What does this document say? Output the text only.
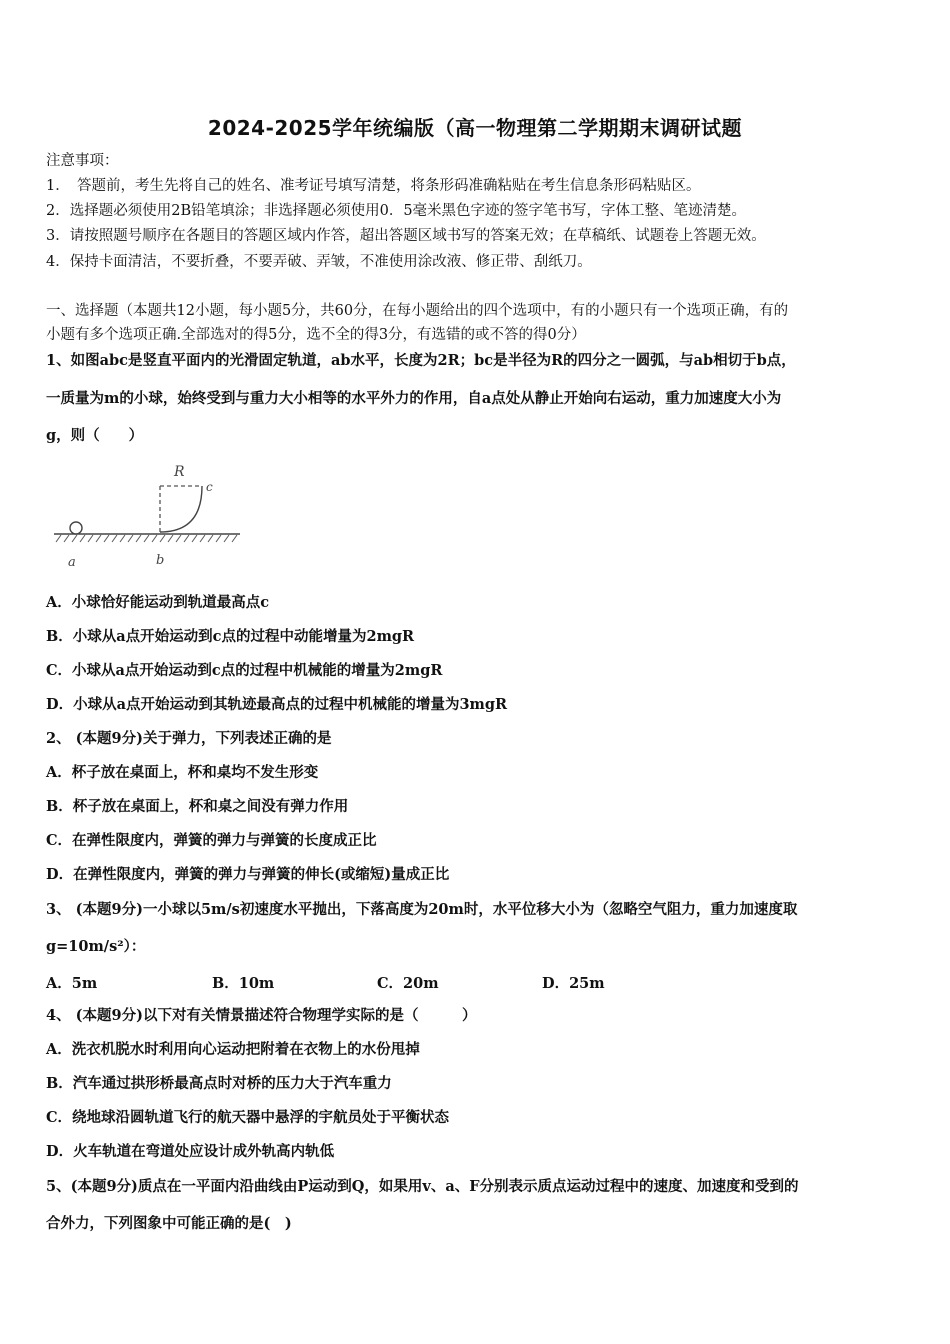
2024-2025学年统编版（高一物理第二学期期末调研试题
注意事项：
1．　答题前，考生先将自己的姓名、准考证号填写清楚，将条形码准确粘贴在考生信息条形码粘贴区。
2．选择题必须使用2B铅笔填涂；非选择题必须使用0．5毫米黑色字迹的签字笔书写，字体工整、笔迹清楚。
3．请按照题号顺序在各题目的答题区域内作答，超出答题区域书写的答案无效；在草稿纸、试题卷上答题无效。
4．保持卡面清洁，不要折叠，不要弄破、弄皱，不准使用涂改液、修正带、刮纸刀。
一、选择题（本题共12小题，每小题5分，共60分，在每小题给出的四个选项中，有的小题只有一个选项正确，有的
小题有多个选项正确.全部选对的得5分，选不全的得3分，有选错的或不答的得0分）
1、如图abc是竖直平面内的光滑固定轨道，ab水平，长度为2R；bc是半径为R的四分之一圆弧，与ab相切于b点，
一质量为m的小球，始终受到与重力大小相等的水平外力的作用，自a点处从静止开始向右运动，重力加速度大小为
g，则（　　）
R
c
a	b
A．小球恰好能运动到轨道最高点c
B．小球从a点开始运动到c点的过程中动能增量为2mgR
C．小球从a点开始运动到c点的过程中机械能的增量为2mgR
D．小球从a点开始运动到其轨迹最高点的过程中机械能的增量为3mgR
2、 (本题9分)关于弹力，下列表述正确的是
A．杯子放在桌面上，杯和桌均不发生形变
B．杯子放在桌面上，杯和桌之间没有弹力作用
C．在弹性限度内，弹簧的弹力与弹簧的长度成正比
D．在弹性限度内，弹簧的弹力与弹簧的伸长(或缩短)量成正比
3、 (本题9分)一小球以5m/s初速度水平抛出，下落高度为20m时，水平位移大小为（忽略空气阻力，重力加速度取
g=10m/s²）：
A．5m	B．10m	C．20m	D．25m
4、 (本题9分)以下对有关情景描述符合物理学实际的是（　　　）
A．洗衣机脱水时利用向心运动把附着在衣物上的水份甩掉
B．汽车通过拱形桥最高点时对桥的压力大于汽车重力
C．绕地球沿圆轨道飞行的航天器中悬浮的宇航员处于平衡状态
D．火车轨道在弯道处应设计成外轨高内轨低
5、(本题9分)质点在一平面内沿曲线由P运动到Q，如果用v、a、F分别表示质点运动过程中的速度、加速度和受到的
合外力，下列图象中可能正确的是(　)
